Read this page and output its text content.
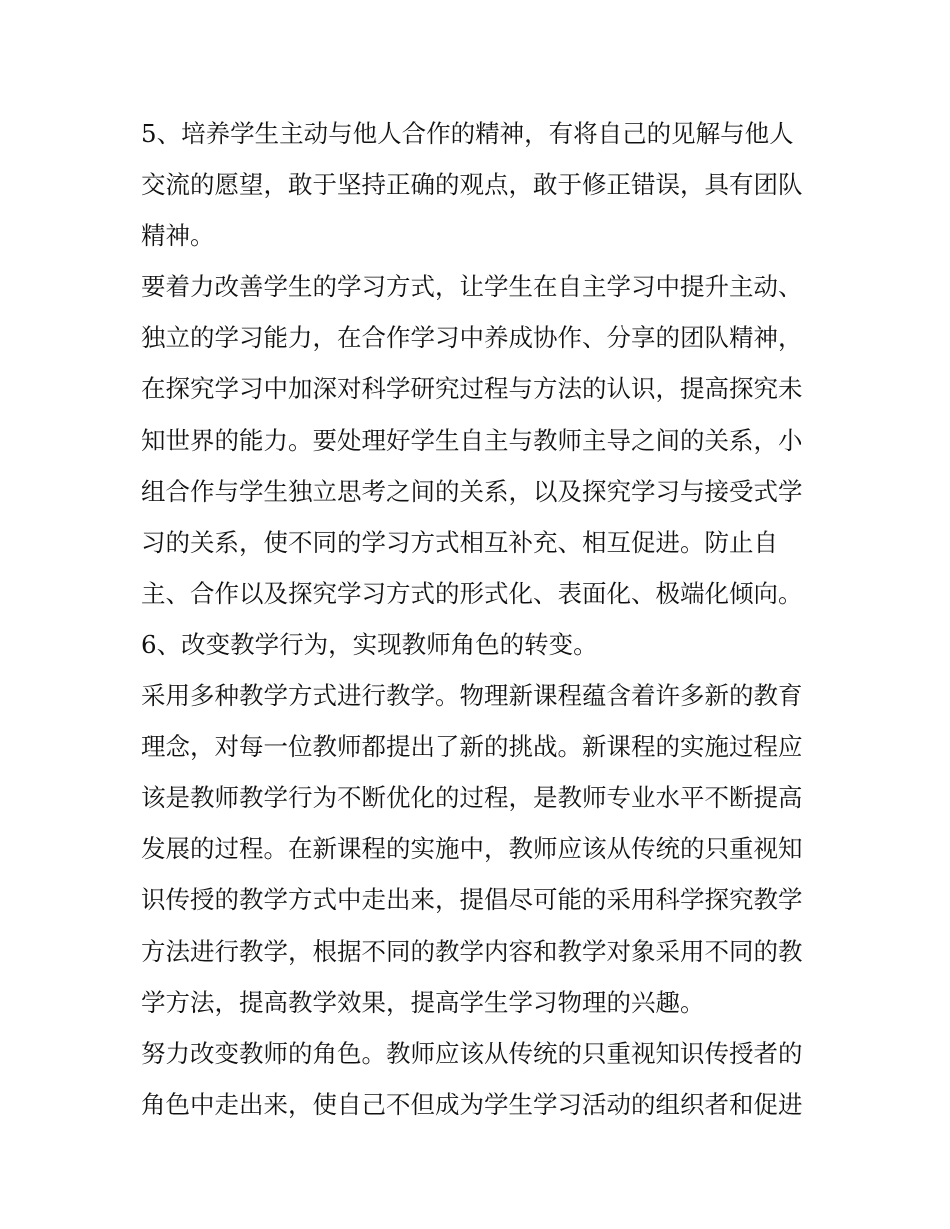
5、培养学生主动与他人合作的精神，有将自己的见解与他人
交流的愿望，敢于坚持正确的观点，敢于修正错误，具有团队
精神。
要着力改善学生的学习方式，让学生在自主学习中提升主动、
独立的学习能力，在合作学习中养成协作、分享的团队精神，
在探究学习中加深对科学研究过程与方法的认识，提高探究未
知世界的能力。要处理好学生自主与教师主导之间的关系，小
组合作与学生独立思考之间的关系，以及探究学习与接受式学
习的关系，使不同的学习方式相互补充、相互促进。防止自
主、合作以及探究学习方式的形式化、表面化、极端化倾向。
6、改变教学行为，实现教师角色的转变。
采用多种教学方式进行教学。物理新课程蕴含着许多新的教育
理念，对每一位教师都提出了新的挑战。新课程的实施过程应
该是教师教学行为不断优化的过程，是教师专业水平不断提高
发展的过程。在新课程的实施中，教师应该从传统的只重视知
识传授的教学方式中走出来，提倡尽可能的采用科学探究教学
方法进行教学，根据不同的教学内容和教学对象采用不同的教
学方法，提高教学效果，提高学生学习物理的兴趣。
努力改变教师的角色。教师应该从传统的只重视知识传授者的
角色中走出来，使自己不但成为学生学习活动的组织者和促进
